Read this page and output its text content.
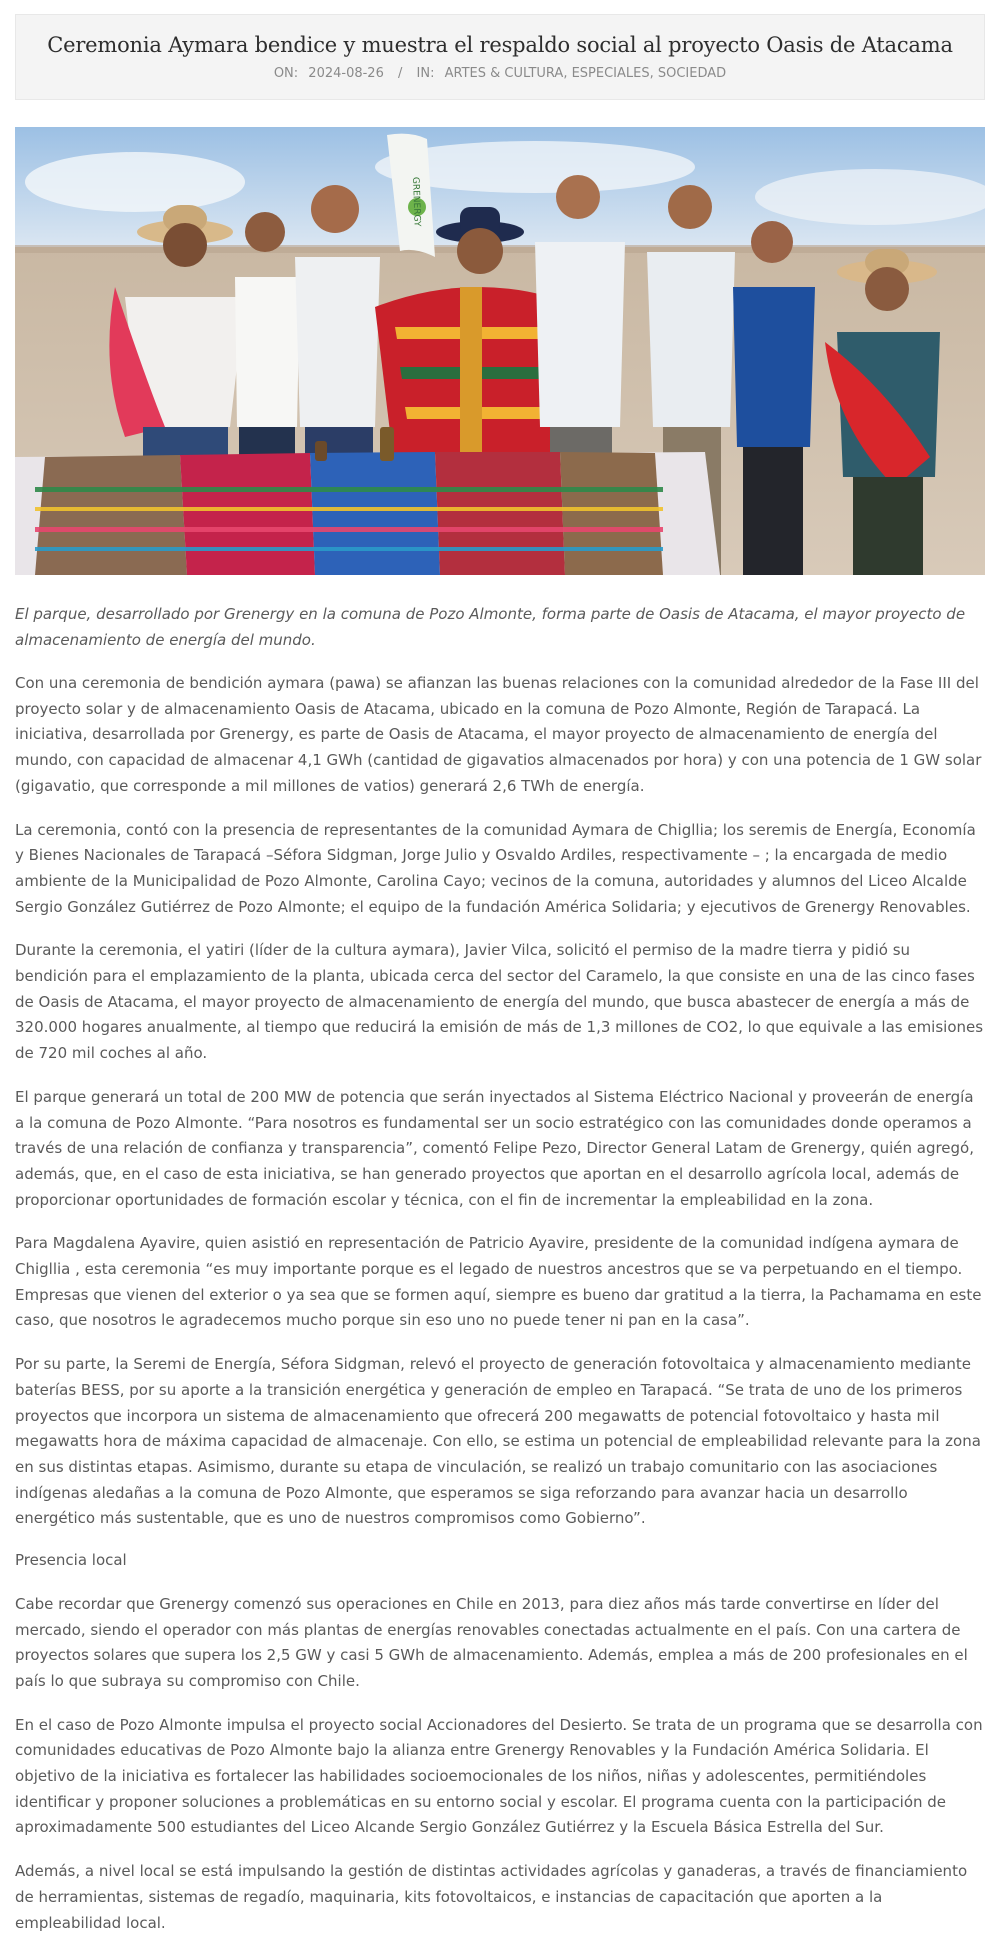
Ceremonia Aymara bendice y muestra el respaldo social al proyecto Oasis de Atacama
ON: 2024-08-26 / IN: ARTES & CULTURA, ESPECIALES, SOCIEDAD
GRENERGY

El parque, desarrollado por Grenergy en la comuna de Pozo Almonte, forma parte de Oasis de Atacama, el mayor proyecto de almacenamiento de energía del mundo.

Con una ceremonia de bendición aymara (pawa) se afianzan las buenas relaciones con la comunidad alrededor de la Fase III del proyecto solar y de almacenamiento Oasis de Atacama, ubicado en la comuna de Pozo Almonte, Región de Tarapacá. La iniciativa, desarrollada por Grenergy, es parte de Oasis de Atacama, el mayor proyecto de almacenamiento de energía del mundo, con capacidad de almacenar 4,1 GWh (cantidad de gigavatios almacenados por hora) y con una potencia de 1 GW solar (gigavatio, que corresponde a mil millones de vatios) generará 2,6 TWh de energía.

La ceremonia, contó con la presencia de representantes de la comunidad Aymara de Chigllia; los seremis de Energía, Economía y Bienes Nacionales de Tarapacá –Séfora Sidgman, Jorge Julio y Osvaldo Ardiles, respectivamente – ; la encargada de medio ambiente de la Municipalidad de Pozo Almonte, Carolina Cayo; vecinos de la comuna, autoridades y alumnos del Liceo Alcalde Sergio González Gutiérrez de Pozo Almonte; el equipo de la fundación América Solidaria; y ejecutivos de Grenergy Renovables.

Durante la ceremonia, el yatiri (líder de la cultura aymara), Javier Vilca, solicitó el permiso de la madre tierra y pidió su bendición para el emplazamiento de la planta, ubicada cerca del sector del Caramelo, la que consiste en una de las cinco fases de Oasis de Atacama, el mayor proyecto de almacenamiento de energía del mundo, que busca abastecer de energía a más de 320.000 hogares anualmente, al tiempo que reducirá la emisión de más de 1,3 millones de CO2, lo que equivale a las emisiones de 720 mil coches al año.

El parque generará un total de 200 MW de potencia que serán inyectados al Sistema Eléctrico Nacional y proveerán de energía a la comuna de Pozo Almonte. “Para nosotros es fundamental ser un socio estratégico con las comunidades donde operamos a través de una relación de confianza y transparencia”, comentó Felipe Pezo, Director General Latam de Grenergy, quién agregó, además, que, en el caso de esta iniciativa, se han generado proyectos que aportan en el desarrollo agrícola local, además de proporcionar oportunidades de formación escolar y técnica, con el fin de incrementar la empleabilidad en la zona.

Para Magdalena Ayavire, quien asistió en representación de Patricio Ayavire, presidente de la comunidad indígena aymara de Chigllia , esta ceremonia “es muy importante porque es el legado de nuestros ancestros que se va perpetuando en el tiempo. Empresas que vienen del exterior o ya sea que se formen aquí, siempre es bueno dar gratitud a la tierra, la Pachamama en este caso, que nosotros le agradecemos mucho porque sin eso uno no puede tener ni pan en la casa”.

Por su parte, la Seremi de Energía, Séfora Sidgman, relevó el proyecto de generación fotovoltaica y almacenamiento mediante baterías BESS, por su aporte a la transición energética y generación de empleo en Tarapacá. “Se trata de uno de los primeros proyectos que incorpora un sistema de almacenamiento que ofrecerá 200 megawatts de potencial fotovoltaico y hasta mil megawatts hora de máxima capacidad de almacenaje. Con ello, se estima un potencial de empleabilidad relevante para la zona en sus distintas etapas. Asimismo, durante su etapa de vinculación, se realizó un trabajo comunitario con las asociaciones indígenas aledañas a la comuna de Pozo Almonte, que esperamos se siga reforzando para avanzar hacia un desarrollo energético más sustentable, que es uno de nuestros compromisos como Gobierno”.

Presencia local

Cabe recordar que Grenergy comenzó sus operaciones en Chile en 2013, para diez años más tarde convertirse en líder del mercado, siendo el operador con más plantas de energías renovables conectadas actualmente en el país. Con una cartera de proyectos solares que supera los 2,5 GW y casi 5 GWh de almacenamiento. Además, emplea a más de 200 profesionales en el país lo que subraya su compromiso con Chile.

En el caso de Pozo Almonte impulsa el proyecto social Accionadores del Desierto. Se trata de un programa que se desarrolla con comunidades educativas de Pozo Almonte bajo la alianza entre Grenergy Renovables y la Fundación América Solidaria. El objetivo de la iniciativa es fortalecer las habilidades socioemocionales de los niños, niñas y adolescentes, permitiéndoles identificar y proponer soluciones a problemáticas en su entorno social y escolar. El programa cuenta con la participación de aproximadamente 500 estudiantes del Liceo Alcande Sergio González Gutiérrez y la Escuela Básica Estrella del Sur.

Además, a nivel local se está impulsando la gestión de distintas actividades agrícolas y ganaderas, a través de financiamiento de herramientas, sistemas de regadío, maquinaria, kits fotovoltaicos, e instancias de capacitación que aporten a la empleabilidad local.
